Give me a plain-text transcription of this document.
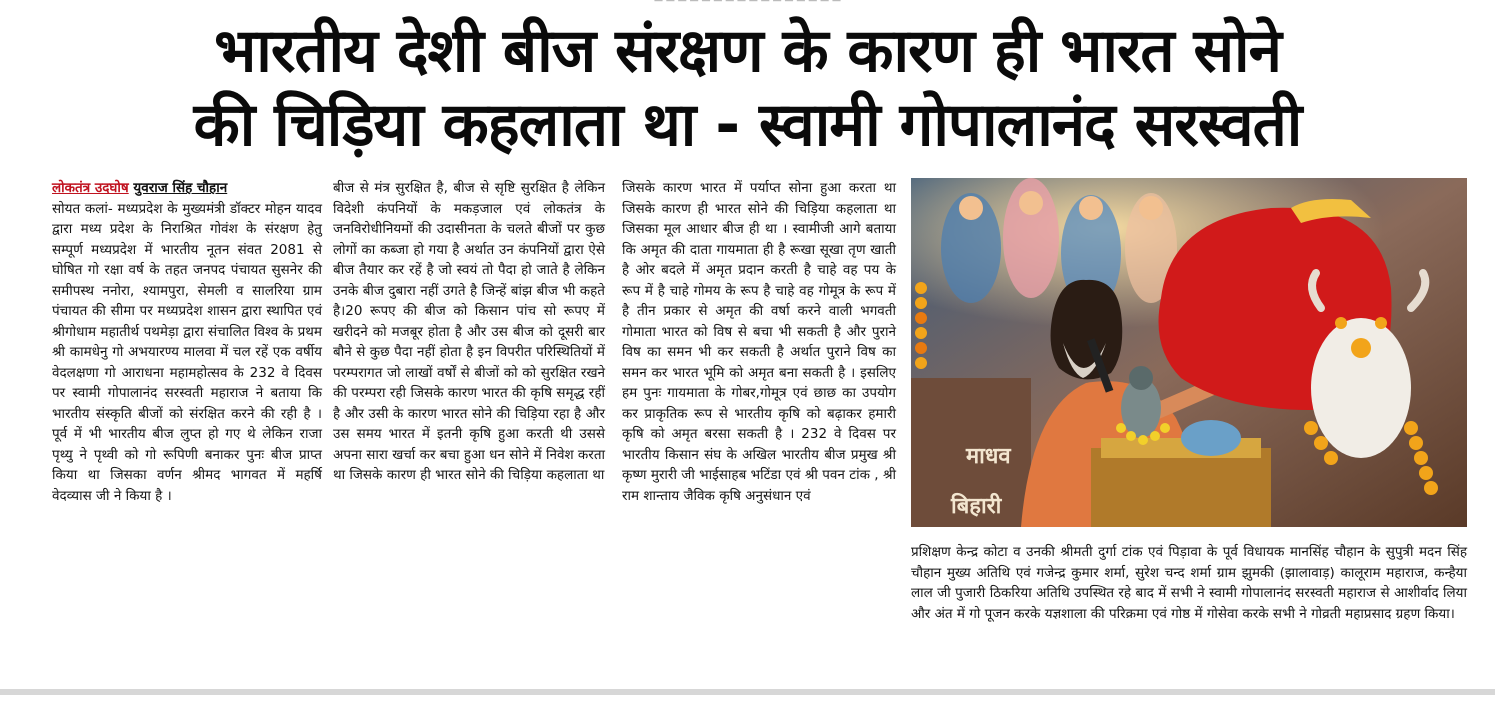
— — — — — — — — — — — — — — — —
भारतीय देशी बीज संरक्षण के कारण ही भारत सोने
की चिड़िया कहलाता था - स्वामी गोपालानंद सरस्वती

लोकतंत्र उदघोष युवराज सिंह चौहान
सोयत कलां- मध्यप्रदेश के मुख्यमंत्री डॉक्टर मोहन यादव द्वारा मध्य प्रदेश के निराश्रित गोवंश के संरक्षण हेतु सम्पूर्ण मध्यप्रदेश में भारतीय नूतन संवत 2081 से घोषित गो रक्षा वर्ष के तहत जनपद पंचायत सुसनेर की समीपस्थ ननोरा, श्यामपुरा, सेमली व सालरिया ग्राम पंचायत की सीमा पर मध्यप्रदेश शासन द्वारा स्थापित एवं श्रीगोधाम महातीर्थ पथमेड़ा द्वारा संचालित विश्व के प्रथम श्री कामधेनु गो अभयारण्य मालवा में चल रहें एक वर्षीय वेदलक्षणा गो आराधना महामहोत्सव के 232 वे दिवस पर स्वामी गोपालानंद सरस्वती महाराज ने बताया कि भारतीय संस्कृति बीजों को संरक्षित करने की रही है । पूर्व में भी भारतीय बीज लुप्त हो गए थे लेकिन राजा पृथ्यु ने पृथ्वी को गो रूपिणी बनाकर पुनः बीज प्राप्त किया था जिसका वर्णन श्रीमद भागवत में महर्षि वेदव्यास जी ने किया है ।

बीज से मंत्र सुरक्षित है, बीज से सृष्टि सुरक्षित है लेकिन विदेशी कंपनियों के मकड़जाल एवं लोकतंत्र के जनविरोधीनियमों की उदासीनता के चलते बीजों पर कुछ लोगों का कब्जा हो गया है अर्थात उन कंपनियों द्वारा ऐसे बीज तैयार कर रहें है जो स्वयं तो पैदा हो जाते है लेकिन उनके बीज दुबारा नहीं उगते है जिन्हें बांझ बीज भी कहते है।20 रूपए की बीज को किसान पांच सो रूपए में खरीदने को मजबूर होता है और उस बीज को दूसरी बार बौने से कुछ पैदा नहीं होता है इन विपरीत परिस्थितियों में परम्परागत जो लाखों वर्षों से बीजों को को सुरक्षित रखने की परम्परा रही जिसके कारण भारत की कृषि समृद्ध रहीं है और उसी के कारण भारत सोने की चिड़िया रहा है और उस समय भारत में इतनी कृषि हुआ करती थी उससे अपना सारा खर्चा कर बचा हुआ धन सोने में निवेश करता था जिसके कारण ही भारत सोने की चिड़िया कहलाता था

जिसके कारण भारत में पर्याप्त सोना हुआ करता था जिसके कारण ही भारत सोने की चिड़िया कहलाता था जिसका मूल आधार बीज ही था । स्वामीजी आगे बताया कि अमृत की दाता गायमाता ही है रूखा सूखा तृण खाती है ओर बदले में अमृत प्रदान करती है चाहे वह पय के रूप में है चाहे गोमय के रूप है चाहे वह गोमूत्र के रूप में है तीन प्रकार से अमृत की वर्षा करने वाली भगवती गोमाता भारत को विष से बचा भी सकती है और पुराने विष का समन भी कर सकती है अर्थात पुराने विष का समन कर भारत भूमि को अमृत बना सकती है । इसलिए हम पुनः गायमाता के गोबर,गोमूत्र एवं छाछ का उपयोग कर प्राकृतिक रूप से भारतीय कृषि को बढ़ाकर हमारी कृषि को अमृत बरसा सकती है । 232 वे दिवस पर भारतीय किसान संघ के अखिल भारतीय बीज प्रमुख श्री कृष्ण मुरारी जी भाईसाहब भटिंडा एवं श्री पवन टांक , श्री राम शान्ताय जैविक कृषि अनुसंधान एवं

माधव
बिहारी

प्रशिक्षण केन्द्र कोटा व उनकी श्रीमती दुर्गा टांक एवं पिड़ावा के पूर्व विधायक मानसिंह चौहान के सुपुत्री मदन सिंह चौहान मुख्य अतिथि एवं गजेन्द्र कुमार शर्मा, सुरेश चन्द शर्मा ग्राम झुमकी (झालावाड़) कालूराम महाराज, कन्हैया लाल जी पुजारी ठिकरिया अतिथि उपस्थित रहे बाद में सभी ने स्वामी गोपालानंद सरस्वती महाराज से आशीर्वाद लिया और अंत में गो पूजन करके यज्ञशाला की परिक्रमा एवं गोष्ठ में गोसेवा करके सभी ने गोव्रती महाप्रसाद ग्रहण किया।
